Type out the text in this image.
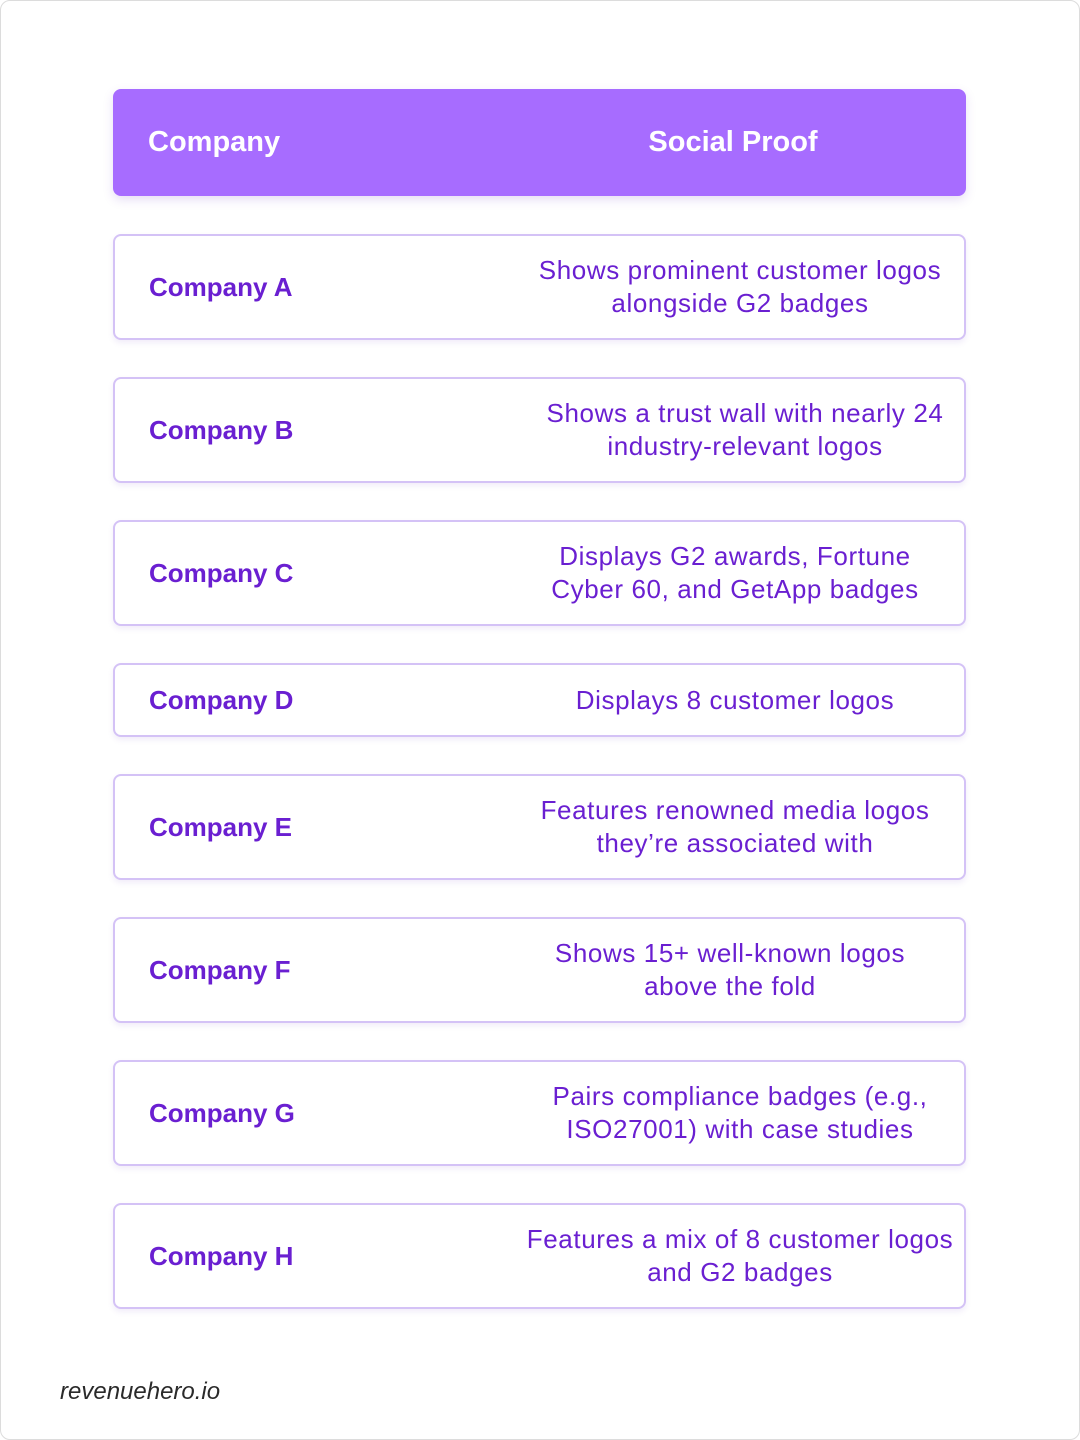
Company	Social Proof
Company A
Shows prominent customer logos alongside G2 badges
Company B
Shows a trust wall with nearly 24 industry-relevant logos
Company C
Displays G2 awards, Fortune Cyber 60, and GetApp badges
Company D	Displays 8 customer logos
Company E
Features renowned media logos they’re associated with
Company F
Shows 15+ well-known logos above the fold
Company G
Pairs compliance badges (e.g., ISO27001) with case studies
Company H
Features a mix of 8 customer logos and G2 badges
revenuehero.io
